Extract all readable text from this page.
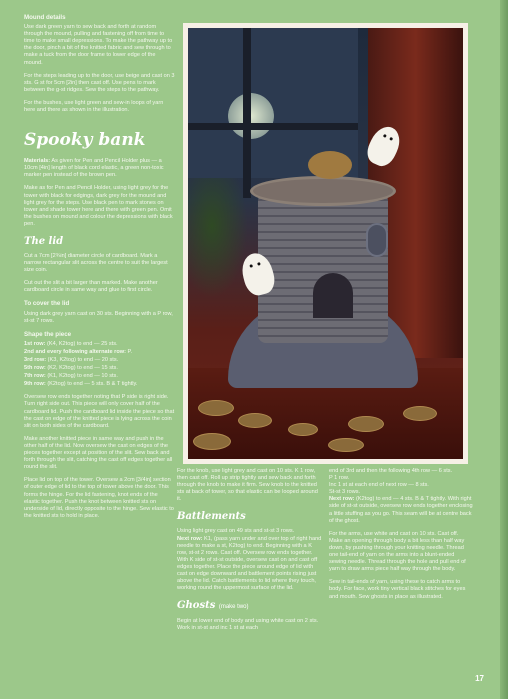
Mound details

Use dark green yarn to sew back and forth at random through the mound, pulling and fastening off from time to time to make small depressions. To make the pathway up to the door, pinch a bit of the knitted fabric and sew through to make a tuck from the door frame to lower edge of the mound.

For the steps leading up to the door, use beige and cast on 3 sts. G st for 5cm [2in] then cast off. Use pens to mark between the g-st ridges. Sew the steps to the pathway.

For the bushes, use light green and sew-in loops of yarn here and there as shown in the illustration.

Spooky bank

Materials: As given for Pen and Pencil Holder plus — a 10cm [4in] length of black cord elastic, a green non-toxic marker pen instead of the brown pen.

Make as for Pen and Pencil Holder, using light grey for the tower with black for edgings, dark grey for the mound and light grey for the steps. Use black pen to mark stones on tower and shade tower here and there with green pen. Omit the bushes on mound and colour the depressions with black pen.

The lid

Cut a 7cm [2¾in] diameter circle of cardboard. Mark a narrow rectangular slit across the centre to suit the largest size coin.

Cut out the slit a bit larger than marked. Make another cardboard circle in same way and glue to first circle.

To cover the lid

Using dark grey yarn cast on 30 sts. Beginning with a P row, st-st 7 rows.

Shape the piece

1st row: (K4, K2tog) to end — 25 sts.

2nd and every following alternate row: P.

3rd row: (K3, K2tog) to end — 20 sts.

5th row: (K2, K2tog) to end — 15 sts.

7th row: (K1, K2tog) to end — 10 sts.

9th row: (K2tog) to end — 5 sts. B & T tightly.

Oversew row ends together noting that P side is right side. Turn right side out. This piece will only cover half of the cardboard lid. Push the cardboard lid inside the piece so that the cast on edge of the knitted piece is lying across the coin slit on both sides of the cardboard.

Make another knitted piece in same way and push in the other half of the lid. Now oversew the cast on edges of the pieces together except at position of the slit. Sew back and forth through the slit, catching the cast off edges together all round the slit.

Place lid on top of the tower. Oversew a 2cm [3/4in] section of outer edge of lid to the top of tower above the door. This forms the hinge. For the lid fastening, knot ends of the elastic together. Push the knot between knitted sts on underside of lid, directly opposite to the hinge. Sew elastic to the knitted sts to hold in place.

For the knob, use light grey and cast on 10 sts. K 1 row, then cast off. Roll up strip tightly and sew back and forth through the knob to make it firm. Sew knob to the knitted sts at back of tower, so that elastic can be looped around it.

Battlements

Using light grey cast on 49 sts and st-st 3 rows.

Next row: K1, (pass yarn under and over top of right hand needle to make a st, K2tog) to end. Beginning with a K row, st-st 2 rows. Cast off. Oversew row ends together. With K side of st-st outside, oversew cast on and cast off edges together. Place the piece around edge of lid with cast on edge downward and battlement points rising just above the lid. Catch battlements to lid where they touch, working round the uppermost surface of the lid.

Ghosts (make two)

Begin at lower end of body and using white cast on 2 sts. Work in st-st and inc 1 st at each

end of 3rd and then the following 4th row — 6 sts.

P 1 row.

Inc 1 st at each end of next row — 8 sts.

St-st 3 rows.

Next row: (K2tog) to end — 4 sts. B & T tightly. With right side of st-st outside, oversew row ends together enclosing a little stuffing as you go. This seam will be at centre back of the ghost.

For the arms, use white and cast on 10 sts. Cast off. Make an opening through body a bit less than half way down, by pushing through your knitting needle. Thread one tail-end of yarn on the arms into a blunt-ended sewing needle. Thread through the hole and pull end of yarn to draw arms piece half way through the body.

Sew in tail-ends of yarn, using these to catch arms to body. For face, work tiny vertical black stitches for eyes and mouth. Sew ghosts in place as illustrated.

17
